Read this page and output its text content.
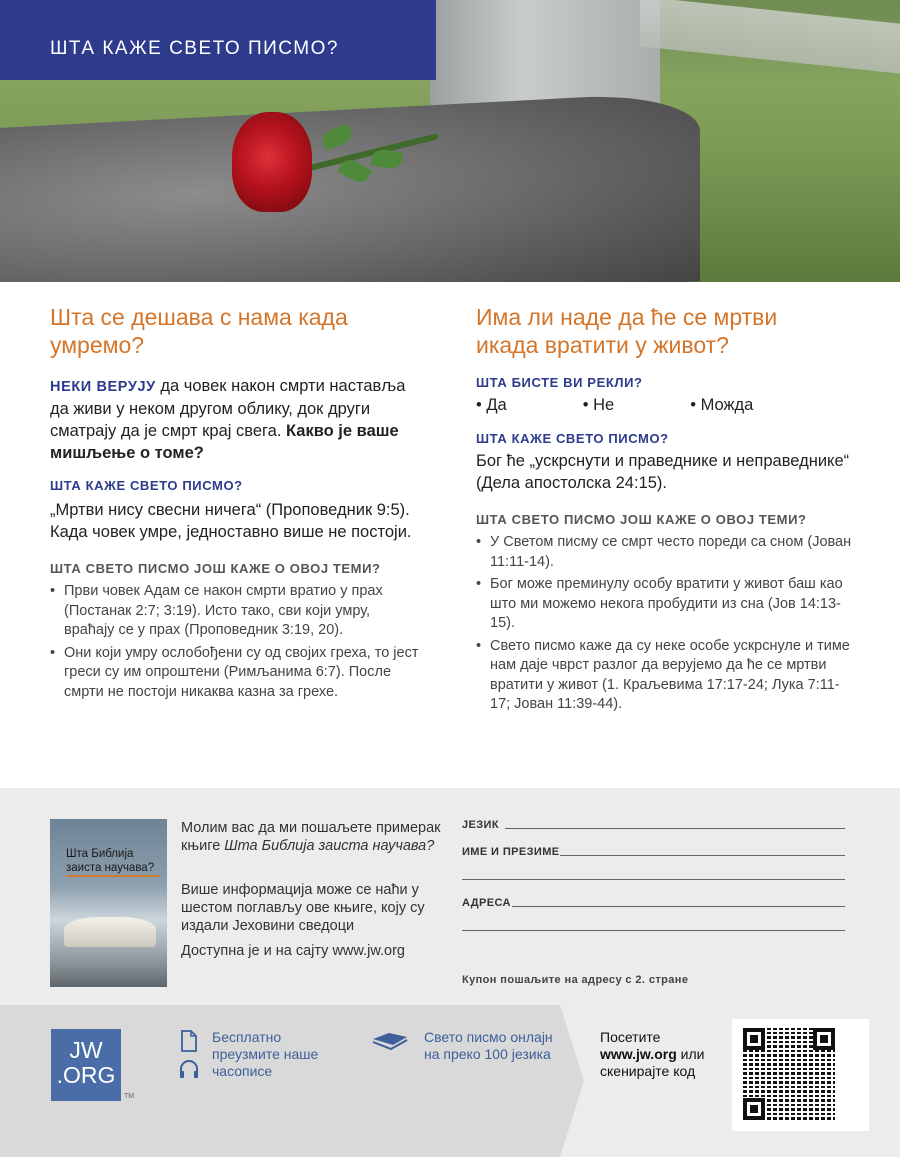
ШТА КАЖЕ СВЕТО ПИСМО?
Шта се дешава с нама када умремо?

НЕКИ ВЕРУЈУ да човек након смрти наставља да живи у неком другом облику, док други сматрају да је смрт крај свега. Какво је ваше мишљење о томе?

ШТА КАЖЕ СВЕТО ПИСМО?

„Мртви нису свесни ничега“ (Проповедник 9:5). Када човек умре, једноставно више не постоји.

ШТА СВЕТО ПИСМО ЈОШ КАЖЕ О ОВОЈ ТЕМИ?

• Први човек Адам се након смрти вратио у прах (Постанак 2:7; 3:19). Исто тако, сви који умру, враћају се у прах (Проповедник 3:19, 20).

• Они који умру ослобођени су од својих греха, то јест греси су им опроштени (Римљанима 6:7). После смрти не постоји никаква казна за грехе.

Има ли наде да ће се мртви икада вратити у живот?
ШТА БИСТЕ ВИ РЕКЛИ?
• Да	• Не	• Можда
ШТА КАЖЕ СВЕТО ПИСМО?

Бог ће „ускрснути и праведнике и неправеднике“ (Дела апостолска 24:15).

ШТА СВЕТО ПИСМО ЈОШ КАЖЕ О ОВОЈ ТЕМИ?

• У Светом писму се смрт често пореди са сном (Јован 11:11-14).

• Бог може преминулу особу вратити у живот баш као што ми можемо некога пробудити из сна (Јов 14:13-15).

• Свето писмо каже да су неке особе ускрснуле и тиме нам даје чврст разлог да верујемо да ће се мртви вратити у живот (1. Краљевима 17:17-24; Лука 7:11-17; Јован 11:39-44).

Шта Библија заиста научава?

Молим вас да ми пошаљете примерак књиге Шта Библија заиста научава?

Више информација може се наћи у шестом поглављу ове књиге, коју су издали Јеховини сведоци

Доступна је и на сајту www.jw.org

ЈЕЗИК
ИМЕ И ПРЕЗИМЕ
АДРЕСА
Купон пошаљите на адресу с 2. стране
JW
.ORG
TM
Бесплатно преузмите наше часописе
Свето писмо онлајн на преко 100 језика
Посетите
www.jw.org или
скенирајте код
